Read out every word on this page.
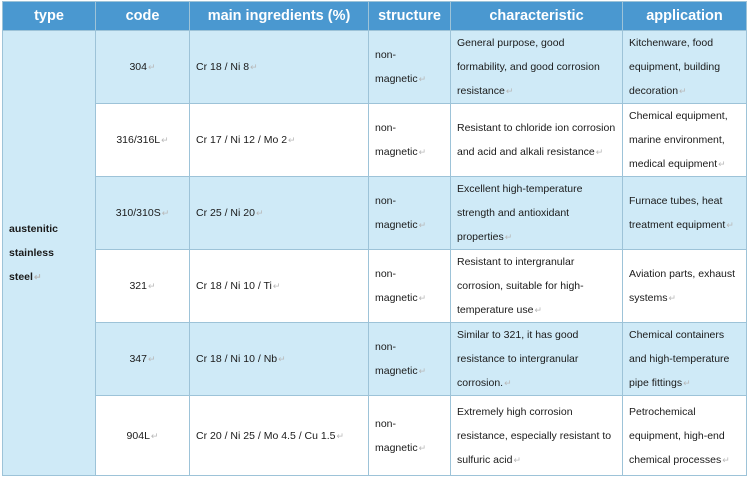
type	code	main ingredients (%)	structure	characteristic	application
austenitic stainless steel↵	304↵	Cr 18 / Ni 8↵	non-magnetic↵	General purpose, good formability, and good corrosion resistance↵	Kitchenware, food equipment, building decoration↵
	316/316L↵	Cr 17 / Ni 12 / Mo 2↵	non-magnetic↵	Resistant to chloride ion corrosion and acid and alkali resistance↵	Chemical equipment, marine environment, medical equipment↵
	310/310S↵	Cr 25 / Ni 20↵	non-magnetic↵	Excellent high-temperature strength and antioxidant properties↵	Furnace tubes, heat treatment equipment↵
	321↵	Cr 18 / Ni 10 / Ti↵	non-magnetic↵	Resistant to intergranular corrosion, suitable for high-temperature use↵	Aviation parts, exhaust systems↵
	347↵	Cr 18 / Ni 10 / Nb↵	non-magnetic↵	Similar to 321, it has good resistance to intergranular corrosion.↵	Chemical containers and high-temperature pipe fittings↵
	904L↵	Cr 20 / Ni 25 / Mo 4.5 / Cu 1.5↵	non-magnetic↵	Extremely high corrosion resistance, especially resistant to sulfuric acid↵	Petrochemical equipment, high-end chemical processes↵
